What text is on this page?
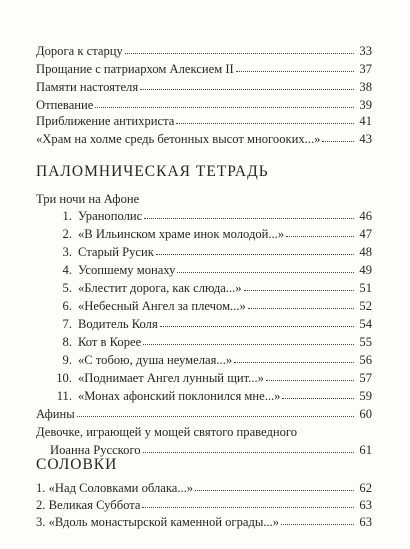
Дорога к старцу	33
Прощание с патриархом Алексием II	37
Памяти настоятеля	38
Отпевание	39
Приближение антихриста	41
«Храм на холме средь бетонных высот многооких...»	43
ПАЛОМНИЧЕСКАЯ ТЕТРАДЬ
Три ночи на Афоне
1. Уранополис	46
2. «В Ильинском храме инок молодой...»	47
3. Старый Русик	48
4. Усопшему монаху	49
5. «Блестит дорога, как слюда...»	51
6. «Небесный Ангел за плечом...»	52
7. Водитель Коля	54
8. Кот в Корее	55
9. «С тобою, душа неумелая...»	56
10. «Поднимает Ангел лунный щит...»	57
11. «Монах афонский поклонился мне...»	59
Афины	60
Девочке, играющей у мощей святого праведного
Иоанна Русского	61
СОЛОВКИ
1. «Над Соловками облака...»	62
2. Великая Суббота	63
3. «Вдоль монастырской каменной ограды...»	63
